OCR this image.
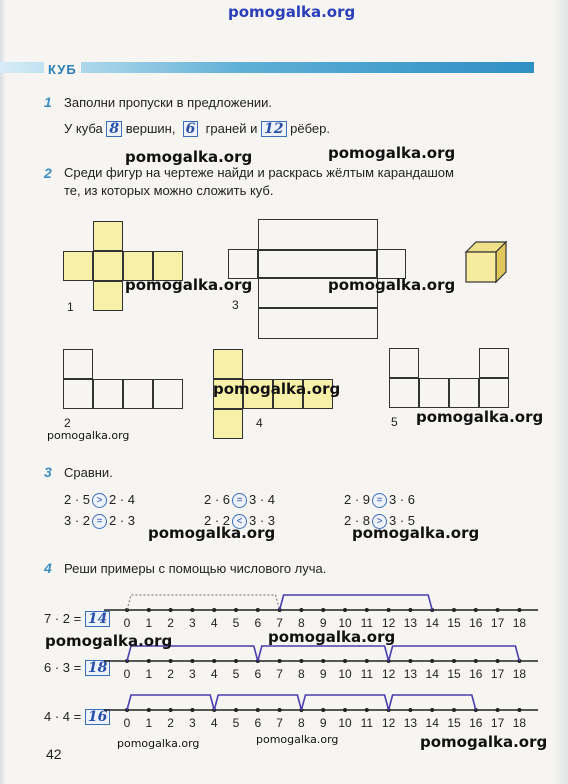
pomogalka.org
КУБ
1 Заполни пропуски в предложении.
У куба 8 вершин, 6 граней и 12 рёбер.
2 Среди фигур на чертеже найди и раскрась жёлтым карандашом
те, из которых можно сложить куб.
1	3
2	4	5
3 Сравни.
2 · 5 > 2 · 4	2 · 6 = 3 · 4	2 · 9 = 3 · 6
3 · 2 = 2 · 3	2 · 2 < 3 · 3	2 · 8 > 3 · 5
4 Реши примеры с помощью числового луча.
7 · 2 = 14
6 · 3 = 18
4 · 4 = 16
0 1 2 3 4 5 6 7 8 9 10 11 12 13 14 15 16 17 18
0 1 2 3 4 5 6 7 8 9 10 11 12 13 14 15 16 17 18
0 1 2 3 4 5 6 7 8 9 10 11 12 13 14 15 16 17 18
42
pomogalka.org	pomogalka.org
pomogalka.org	pomogalka.org
pomogalka.org
pomogalka.org
pomogalka.org
pomogalka.org	pomogalka.org
pomogalka.org	pomogalka.org
pomogalka.org	pomogalka.org	pomogalka.org
